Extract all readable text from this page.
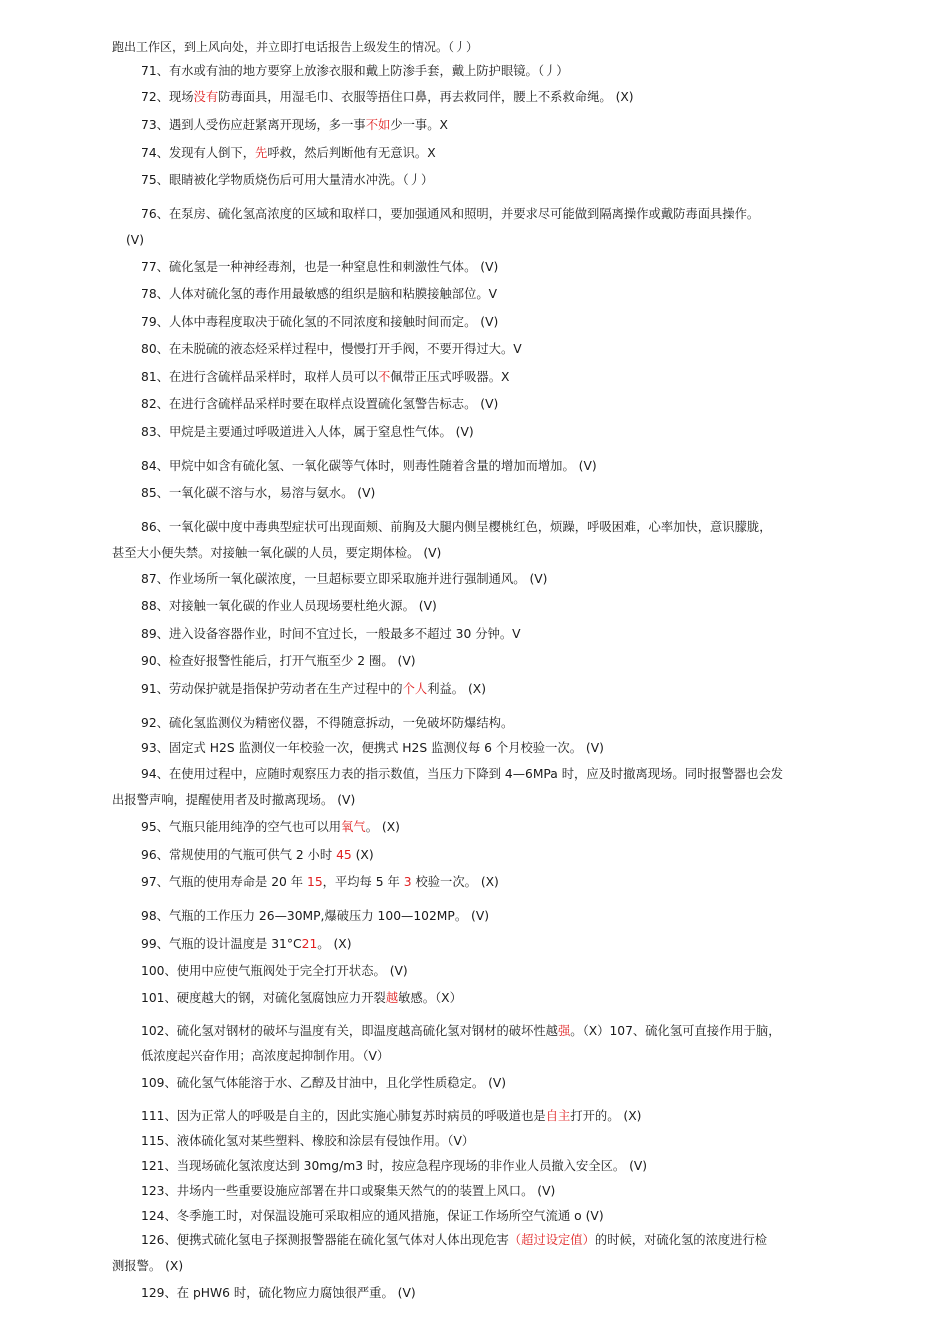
跑出工作区，到上风向处，并立即打电话报告上级发生的情况。（丿）
71、有水或有油的地方要穿上放渗衣服和戴上防渗手套，戴上防护眼镜。（丿）
72、现场没有防毒面具，用湿毛巾、衣服等捂住口鼻，再去救同伴，腰上不系救命绳。 (X)
73、遇到人受伤应赶紧离开现场，多一事不如少一事。X
74、发现有人倒下，先呼救，然后判断他有无意识。X
75、眼睛被化学物质烧伤后可用大量清水冲洗。（丿）
76、在泵房、硫化氢高浓度的区域和取样口，要加强通风和照明，并要求尽可能做到隔离操作或戴防毒面具操作。
(V)
77、硫化氢是一种神经毒剂，也是一种窒息性和刺激性气体。 (V)
78、人体对硫化氢的毒作用最敏感的组织是脑和粘膜接触部位。V
79、人体中毒程度取决于硫化氢的不同浓度和接触时间而定。 (V)
80、在未脱硫的液态烃采样过程中，慢慢打开手阀，不要开得过大。V
81、在进行含硫样品采样时，取样人员可以不佩带正压式呼吸器。X
82、在进行含硫样品采样时要在取样点设置硫化氢警告标志。 (V)
83、甲烷是主要通过呼吸道进入人体，属于窒息性气体。 (V)
84、甲烷中如含有硫化氢、一氧化碳等气体时，则毒性随着含量的增加而增加。 (V)
85、一氧化碳不溶与水，易溶与氨水。 (V)
86、一氧化碳中度中毒典型症状可出现面颊、前胸及大腿内侧呈樱桃红色，烦躁，呼吸困难，心率加快，意识朦胧，
甚至大小便失禁。对接触一氧化碳的人员，要定期体检。 (V)
87、作业场所一氧化碳浓度，一旦超标要立即采取施并进行强制通风。 (V)
88、对接触一氧化碳的作业人员现场要杜绝火源。 (V)
89、进入设备容器作业，时间不宜过长，一般最多不超过 30 分钟。V
90、检查好报警性能后，打开气瓶至少 2 圈。 (V)
91、劳动保护就是指保护劳动者在生产过程中的个人利益。 (X)
92、硫化氢监测仪为精密仪器，不得随意拆动，一免破坏防爆结构。
93、固定式 H2S 监测仪一年校验一次，便携式 H2S 监测仪每 6 个月校验一次。 (V)
94、在使用过程中，应随时观察压力表的指示数值，当压力下降到 4—6MPa 时，应及时撤离现场。同时报警器也会发
出报警声响，提醒使用者及时撤离现场。 (V)
95、气瓶只能用纯净的空气也可以用氧气。 (X)
96、常规使用的气瓶可供气 2 小时 45 (X)
97、气瓶的使用寿命是 20 年 15，平均每 5 年 3 校验一次。 (X)
98、气瓶的工作压力 26—30MP,爆破压力 100—102MP。 (V)
99、气瓶的设计温度是 31°C21。 (X)
100、使用中应使气瓶阀处于完全打开状态。 (V)
101、硬度越大的钢，对硫化氢腐蚀应力开裂越敏感。（X）
102、硫化氢对钢材的破坏与温度有关，即温度越高硫化氢对钢材的破坏性越强。（X）107、硫化氢可直接作用于脑，
低浓度起兴奋作用；高浓度起抑制作用。（V）
109、硫化氢气体能溶于水、乙醇及甘油中，且化学性质稳定。 (V)
111、因为正常人的呼吸是自主的，因此实施心肺复苏时病员的呼吸道也是自主打开的。 (X)
115、液体硫化氢对某些塑料、橡胶和涂层有侵蚀作用。（V）
121、当现场硫化氢浓度达到 30mg/m3 时，按应急程序现场的非作业人员撤入安全区。 (V)
123、井场内一些重要设施应部署在井口或聚集天然气的的装置上风口。 (V)
124、冬季施工时，对保温设施可采取相应的通风措施，保证工作场所空气流通 o (V)
126、便携式硫化氢电子探测报警器能在硫化氢气体对人体出现危害（超过设定值）的时候，对硫化氢的浓度进行检
测报警。 (X)
129、在 pHW6 时，硫化物应力腐蚀很严重。 (V)
